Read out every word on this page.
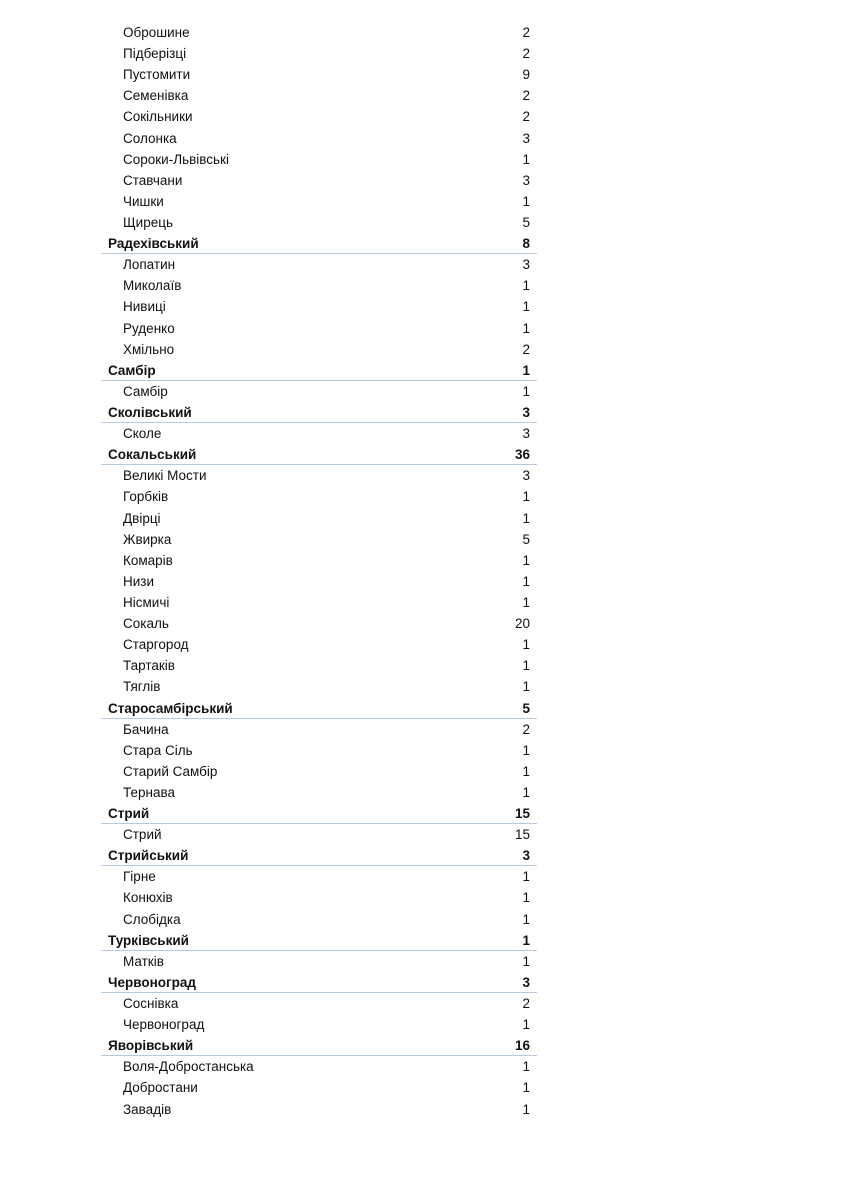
Оброшине	2
Підберізці	2
Пустомити	9
Семенівка	2
Сокільники	2
Солонка	3
Сороки-Львівські	1
Ставчани	3
Чишки	1
Щирець	5
Радехівський	8
Лопатин	3
Миколаїв	1
Нивиці	1
Руденко	1
Хмільно	2
Самбір	1
Самбір	1
Сколівський	3
Сколе	3
Сокальський	36
Великі Мости	3
Горбків	1
Двірці	1
Жвирка	5
Комарів	1
Низи	1
Нісмичі	1
Сокаль	20
Старгород	1
Тартаків	1
Тяглів	1
Старосамбірський	5
Бачина	2
Стара Сіль	1
Старий Самбір	1
Тернава	1
Стрий	15
Стрий	15
Стрийський	3
Гірне	1
Конюхів	1
Слобідка	1
Турківський	1
Матків	1
Червоноград	3
Соснівка	2
Червоноград	1
Яворівський	16
Воля-Добростанська	1
Добростани	1
Завадів	1
